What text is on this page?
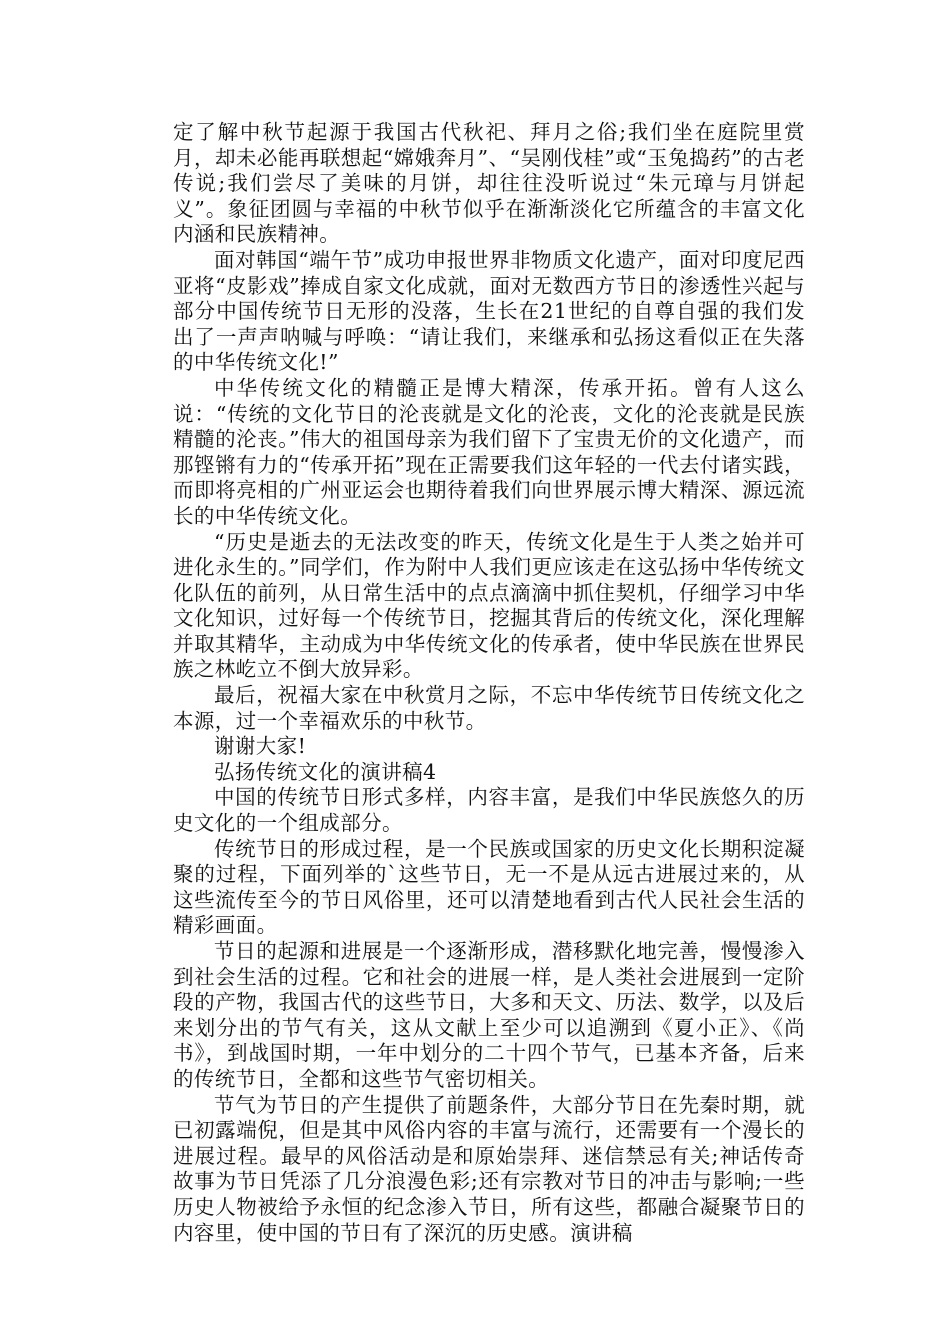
定了解中秋节起源于我国古代秋祀、拜月之俗;我们坐在庭院里赏月，却未必能再联想起“嫦娥奔月”、“吴刚伐桂”或“玉兔捣药”的古老传说;我们尝尽了美味的月饼，却往往没听说过“朱元璋与月饼起义”。象征团圆与幸福的中秋节似乎在渐渐淡化它所蕴含的丰富文化内涵和民族精神。

面对韩国“端午节”成功申报世界非物质文化遗产，面对印度尼西亚将“皮影戏”捧成自家文化成就，面对无数西方节日的渗透性兴起与部分中国传统节日无形的没落，生长在21世纪的自尊自强的我们发出了一声声呐喊与呼唤：“请让我们，来继承和弘扬这看似正在失落的中华传统文化!”

中华传统文化的精髓正是博大精深，传承开拓。曾有人这么说：“传统的文化节日的沦丧就是文化的沦丧，文化的沦丧就是民族精髓的沦丧。”伟大的祖国母亲为我们留下了宝贵无价的文化遗产，而那铿锵有力的“传承开拓”现在正需要我们这年轻的一代去付诸实践，而即将亮相的广州亚运会也期待着我们向世界展示博大精深、源远流长的中华传统文化。

“历史是逝去的无法改变的昨天，传统文化是生于人类之始并可进化永生的。”同学们，作为附中人我们更应该走在这弘扬中华传统文化队伍的前列，从日常生活中的点点滴滴中抓住契机，仔细学习中华文化知识，过好每一个传统节日，挖掘其背后的传统文化，深化理解并取其精华，主动成为中华传统文化的传承者，使中华民族在世界民族之林屹立不倒大放异彩。

最后，祝福大家在中秋赏月之际，不忘中华传统节日传统文化之本源，过一个幸福欢乐的中秋节。

谢谢大家!

弘扬传统文化的演讲稿4

中国的传统节日形式多样，内容丰富，是我们中华民族悠久的历史文化的一个组成部分。

传统节日的形成过程，是一个民族或国家的历史文化长期积淀凝聚的过程，下面列举的`这些节日，无一不是从远古进展过来的，从这些流传至今的节日风俗里，还可以清楚地看到古代人民社会生活的精彩画面。

节日的起源和进展是一个逐渐形成，潜移默化地完善，慢慢渗入到社会生活的过程。它和社会的进展一样，是人类社会进展到一定阶段的产物，我国古代的这些节日，大多和天文、历法、数学，以及后来划分出的节气有关，这从文献上至少可以追溯到《夏小正》、《尚书》，到战国时期，一年中划分的二十四个节气，已基本齐备，后来的传统节日，全都和这些节气密切相关。

节气为节日的产生提供了前题条件，大部分节日在先秦时期，就已初露端倪，但是其中风俗内容的丰富与流行，还需要有一个漫长的进展过程。最早的风俗活动是和原始崇拜、迷信禁忌有关;神话传奇故事为节日凭添了几分浪漫色彩;还有宗教对节日的冲击与影响;一些历史人物被给予永恒的纪念渗入节日，所有这些，都融合凝聚节日的内容里，使中国的节日有了深沉的历史感。演讲稿
